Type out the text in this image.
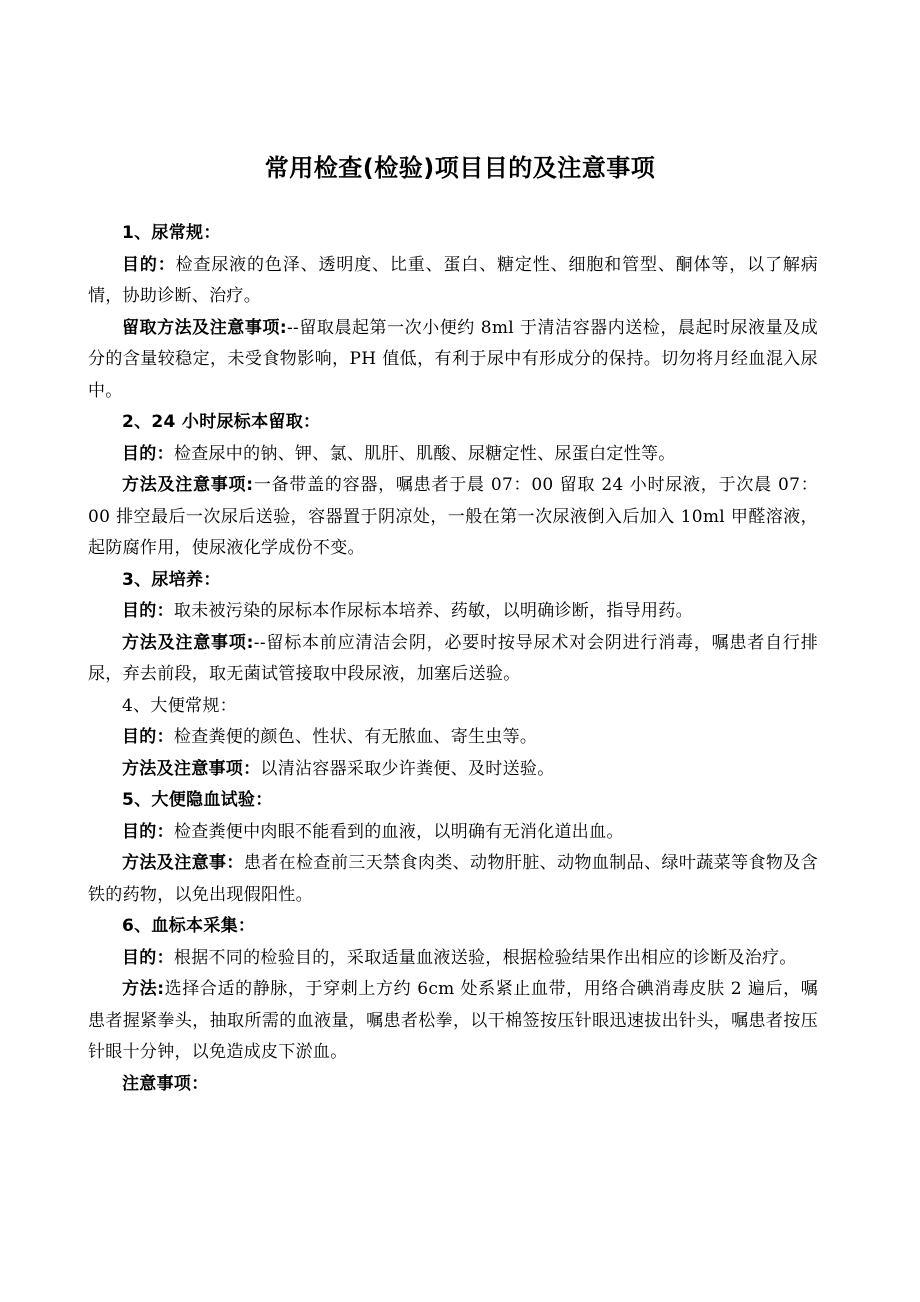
常用检查(检验)项目目的及注意事项

1、尿常规：

目的：检查尿液的色泽、透明度、比重、蛋白、糖定性、细胞和管型、酮体等，以了解病情，协助诊断、治疗。

留取方法及注意事项:--留取晨起第一次小便约 8ml 于清洁容器内送检，晨起时尿液量及成分的含量较稳定，未受食物影响，PH 值低，有利于尿中有形成分的保持。切勿将月经血混入尿中。

2、24 小时尿标本留取：

目的：检查尿中的钠、钾、氯、肌肝、肌酸、尿糖定性、尿蛋白定性等。

方法及注意事项:一备带盖的容器，嘱患者于晨 07：00 留取 24 小时尿液，于次晨 07：00 排空最后一次尿后送验，容器置于阴凉处，一般在第一次尿液倒入后加入 10ml 甲醛溶液，起防腐作用，使尿液化学成份不变。

3、尿培养：

目的：取未被污染的尿标本作尿标本培养、药敏，以明确诊断，指导用药。

方法及注意事项:--留标本前应清洁会阴，必要时按导尿术对会阴进行消毒，嘱患者自行排尿，弃去前段，取无菌试管接取中段尿液，加塞后送验。

4、大便常规：

目的：检查粪便的颜色、性状、有无脓血、寄生虫等。

方法及注意事项：以清沾容器采取少许粪便、及时送验。

5、大便隐血试验：

目的：检查粪便中肉眼不能看到的血液，以明确有无消化道出血。

方法及注意事：患者在检查前三天禁食肉类、动物肝脏、动物血制品、绿叶蔬菜等食物及含铁的药物，以免出现假阳性。

6、血标本采集：

目的：根据不同的检验目的，采取适量血液送验，根据检验结果作出相应的诊断及治疗。

方法:选择合适的静脉，于穿刺上方约 6cm 处系紧止血带，用络合碘消毒皮肤 2 遍后，嘱患者握紧拳头，抽取所需的血液量，嘱患者松拳，以干棉签按压针眼迅速拔出针头，嘱患者按压针眼十分钟，以免造成皮下淤血。

注意事项：
